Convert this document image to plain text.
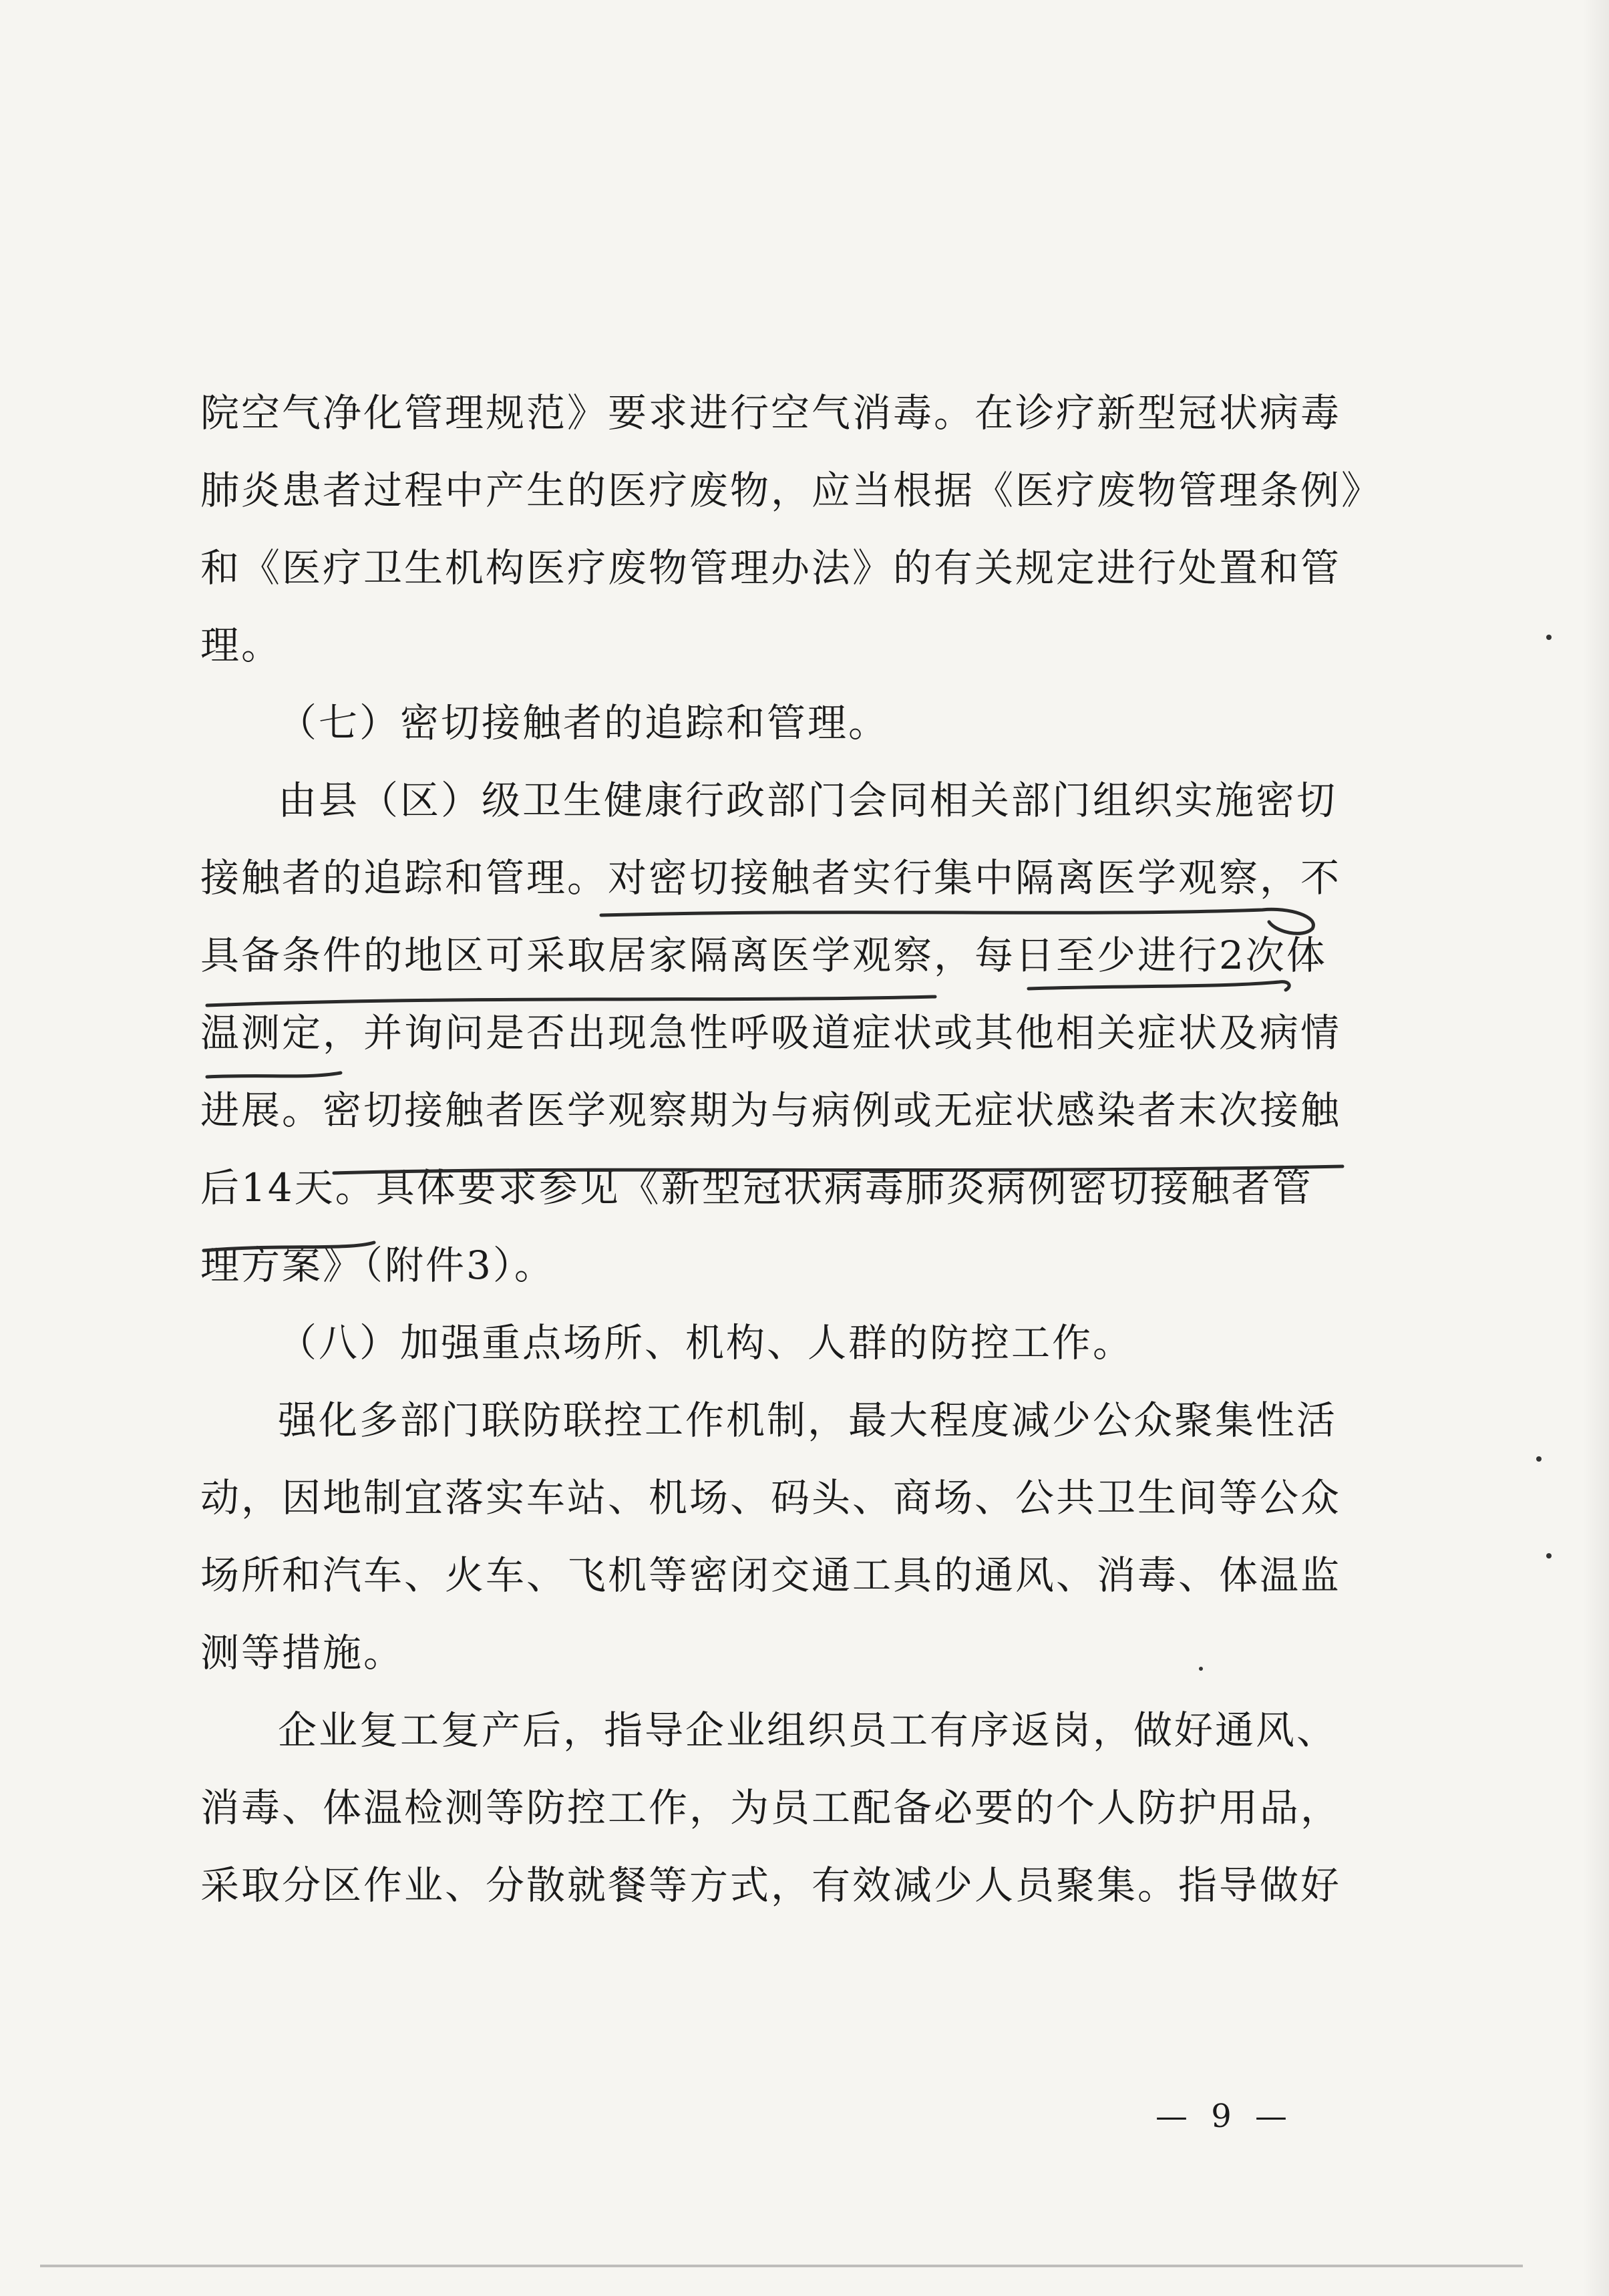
院空气净化管理规范》要求进行空气消毒。在诊疗新型冠状病毒
肺炎患者过程中产生的医疗废物，应当根据《医疗废物管理条例》
和《医疗卫生机构医疗废物管理办法》的有关规定进行处置和管
理。
（七）密切接触者的追踪和管理。
由县（区）级卫生健康行政部门会同相关部门组织实施密切
接触者的追踪和管理。对密切接触者实行集中隔离医学观察，不
具备条件的地区可采取居家隔离医学观察，每日至少进行2次体
温测定，并询问是否出现急性呼吸道症状或其他相关症状及病情
进展。密切接触者医学观察期为与病例或无症状感染者末次接触
后14天。具体要求参见《新型冠状病毒肺炎病例密切接触者管
理方案》（附件3）。
（八）加强重点场所、机构、人群的防控工作。
强化多部门联防联控工作机制，最大程度减少公众聚集性活
动，因地制宜落实车站、机场、码头、商场、公共卫生间等公众
场所和汽车、火车、飞机等密闭交通工具的通风、消毒、体温监
测等措施。
企业复工复产后，指导企业组织员工有序返岗，做好通风、
消毒、体温检测等防控工作，为员工配备必要的个人防护用品，
采取分区作业、分散就餐等方式，有效减少人员聚集。指导做好
— 9 —
